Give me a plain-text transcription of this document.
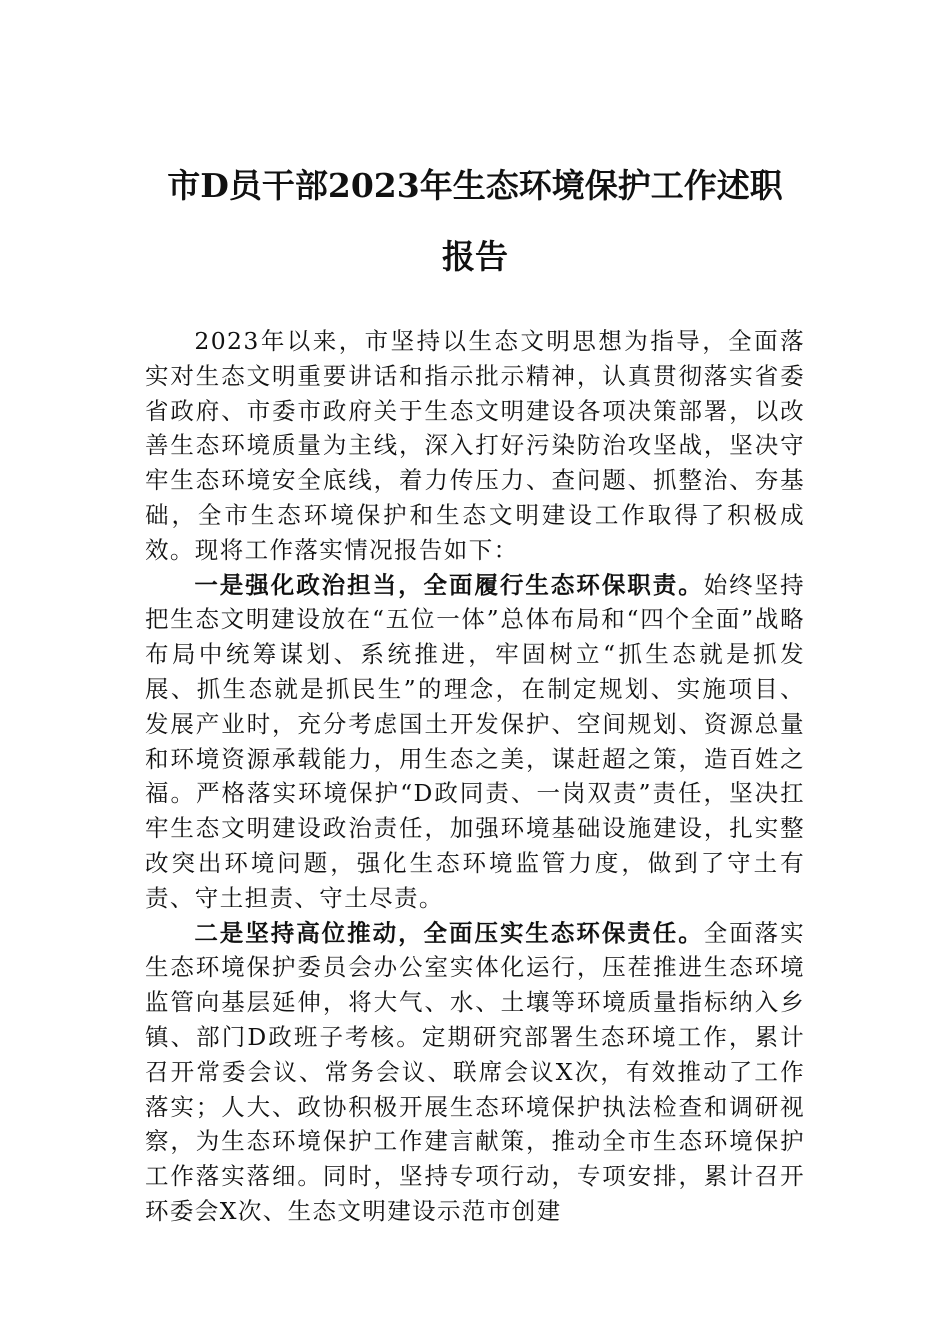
市D员干部2023年生态环境保护工作述职
报告

2023年以来，市坚持以生态文明思想为指导，全面落实对生态文明重要讲话和指示批示精神，认真贯彻落实省委省政府、市委市政府关于生态文明建设各项决策部署，以改善生态环境质量为主线，深入打好污染防治攻坚战，坚决守牢生态环境安全底线，着力传压力、查问题、抓整治、夯基础，全市生态环境保护和生态文明建设工作取得了积极成效。现将工作落实情况报告如下：

一是强化政治担当，全面履行生态环保职责。始终坚持把生态文明建设放在“五位一体”总体布局和“四个全面”战略布局中统筹谋划、系统推进，牢固树立“抓生态就是抓发展、抓生态就是抓民生”的理念，在制定规划、实施项目、发展产业时，充分考虑国土开发保护、空间规划、资源总量和环境资源承载能力，用生态之美，谋赶超之策，造百姓之福。严格落实环境保护“D政同责、一岗双责”责任，坚决扛牢生态文明建设政治责任，加强环境基础设施建设，扎实整改突出环境问题，强化生态环境监管力度，做到了守土有责、守土担责、守土尽责。

二是坚持高位推动，全面压实生态环保责任。全面落实生态环境保护委员会办公室实体化运行，压茬推进生态环境监管向基层延伸，将大气、水、土壤等环境质量指标纳入乡镇、部门D政班子考核。定期研究部署生态环境工作，累计召开常委会议、常务会议、联席会议X次，有效推动了工作落实；人大、政协积极开展生态环境保护执法检查和调研视察，为生态环境保护工作建言献策，推动全市生态环境保护工作落实落细。同时，坚持专项行动，专项安排，累计召开环委会X次、生态文明建设示范市创建
